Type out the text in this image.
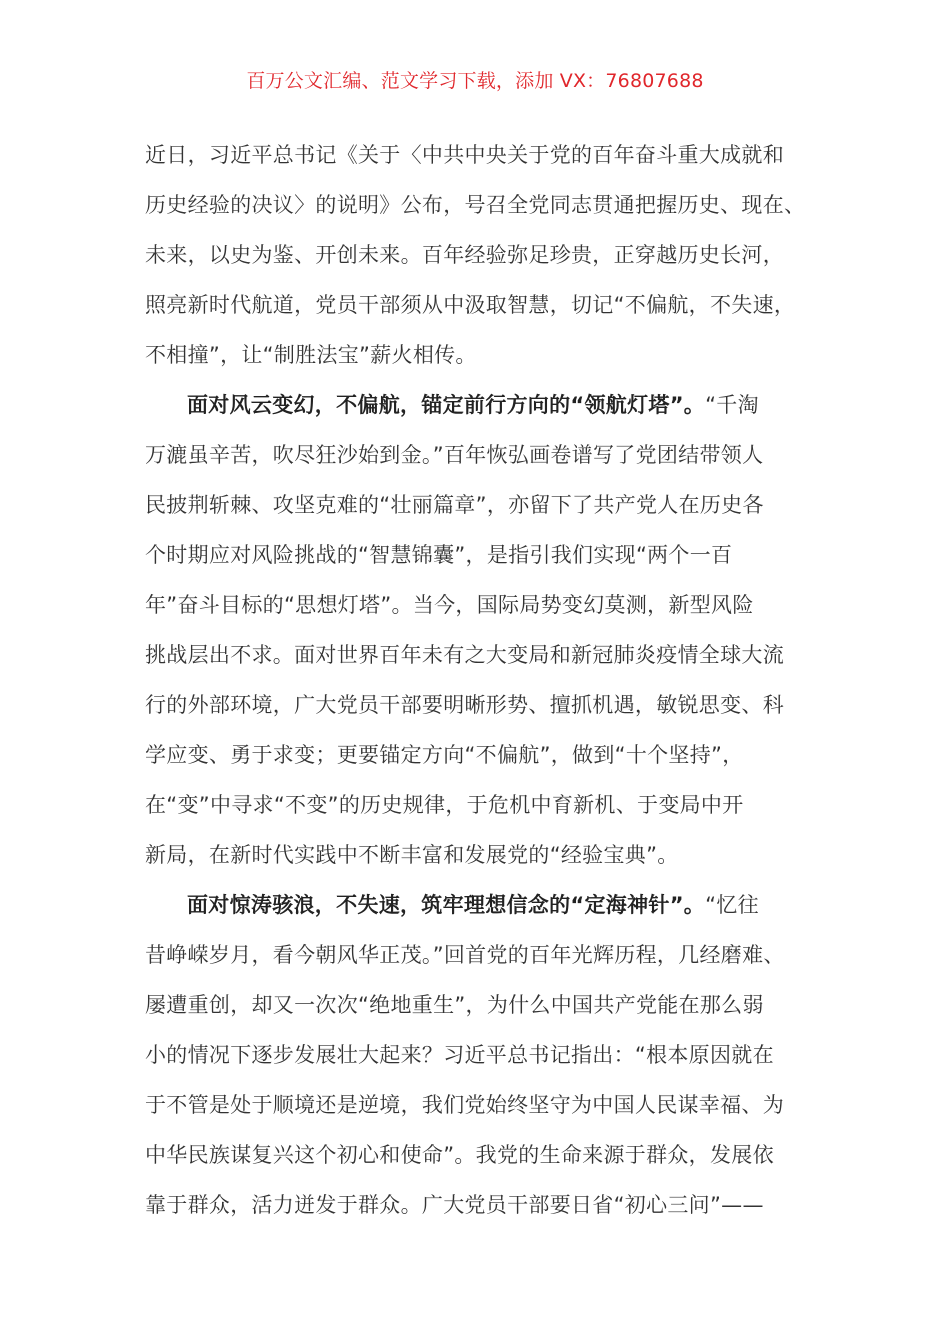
百万公文汇编、范文学习下载，添加 VX：76807688
近日，习近平总书记《关于〈中共中央关于党的百年奋斗重大成就和
历史经验的决议〉的说明》公布，号召全党同志贯通把握历史、现在、
未来，以史为鉴、开创未来。百年经验弥足珍贵，正穿越历史长河，
照亮新时代航道，党员干部须从中汲取智慧，切记“不偏航，不失速，
不相撞”，让“制胜法宝”薪火相传。
面对风云变幻，不偏航，锚定前行方向的“领航灯塔”。“千淘
万漉虽辛苦，吹尽狂沙始到金。”百年恢弘画卷谱写了党团结带领人
民披荆斩棘、攻坚克难的“壮丽篇章”，亦留下了共产党人在历史各
个时期应对风险挑战的“智慧锦囊”，是指引我们实现“两个一百
年”奋斗目标的“思想灯塔”。当今，国际局势变幻莫测，新型风险
挑战层出不求。面对世界百年未有之大变局和新冠肺炎疫情全球大流
行的外部环境，广大党员干部要明晰形势、擅抓机遇，敏锐思变、科
学应变、勇于求变；更要锚定方向“不偏航”，做到“十个坚持”，
在“变”中寻求“不变”的历史规律，于危机中育新机、于变局中开
新局，在新时代实践中不断丰富和发展党的“经验宝典”。
面对惊涛骇浪，不失速，筑牢理想信念的“定海神针”。“忆往
昔峥嵘岁月，看今朝风华正茂。”回首党的百年光辉历程，几经磨难、
屡遭重创，却又一次次“绝地重生”，为什么中国共产党能在那么弱
小的情况下逐步发展壮大起来？习近平总书记指出：“根本原因就在
于不管是处于顺境还是逆境，我们党始终坚守为中国人民谋幸福、为
中华民族谋复兴这个初心和使命”。我党的生命来源于群众，发展依
靠于群众，活力迸发于群众。广大党员干部要日省“初心三问”——
